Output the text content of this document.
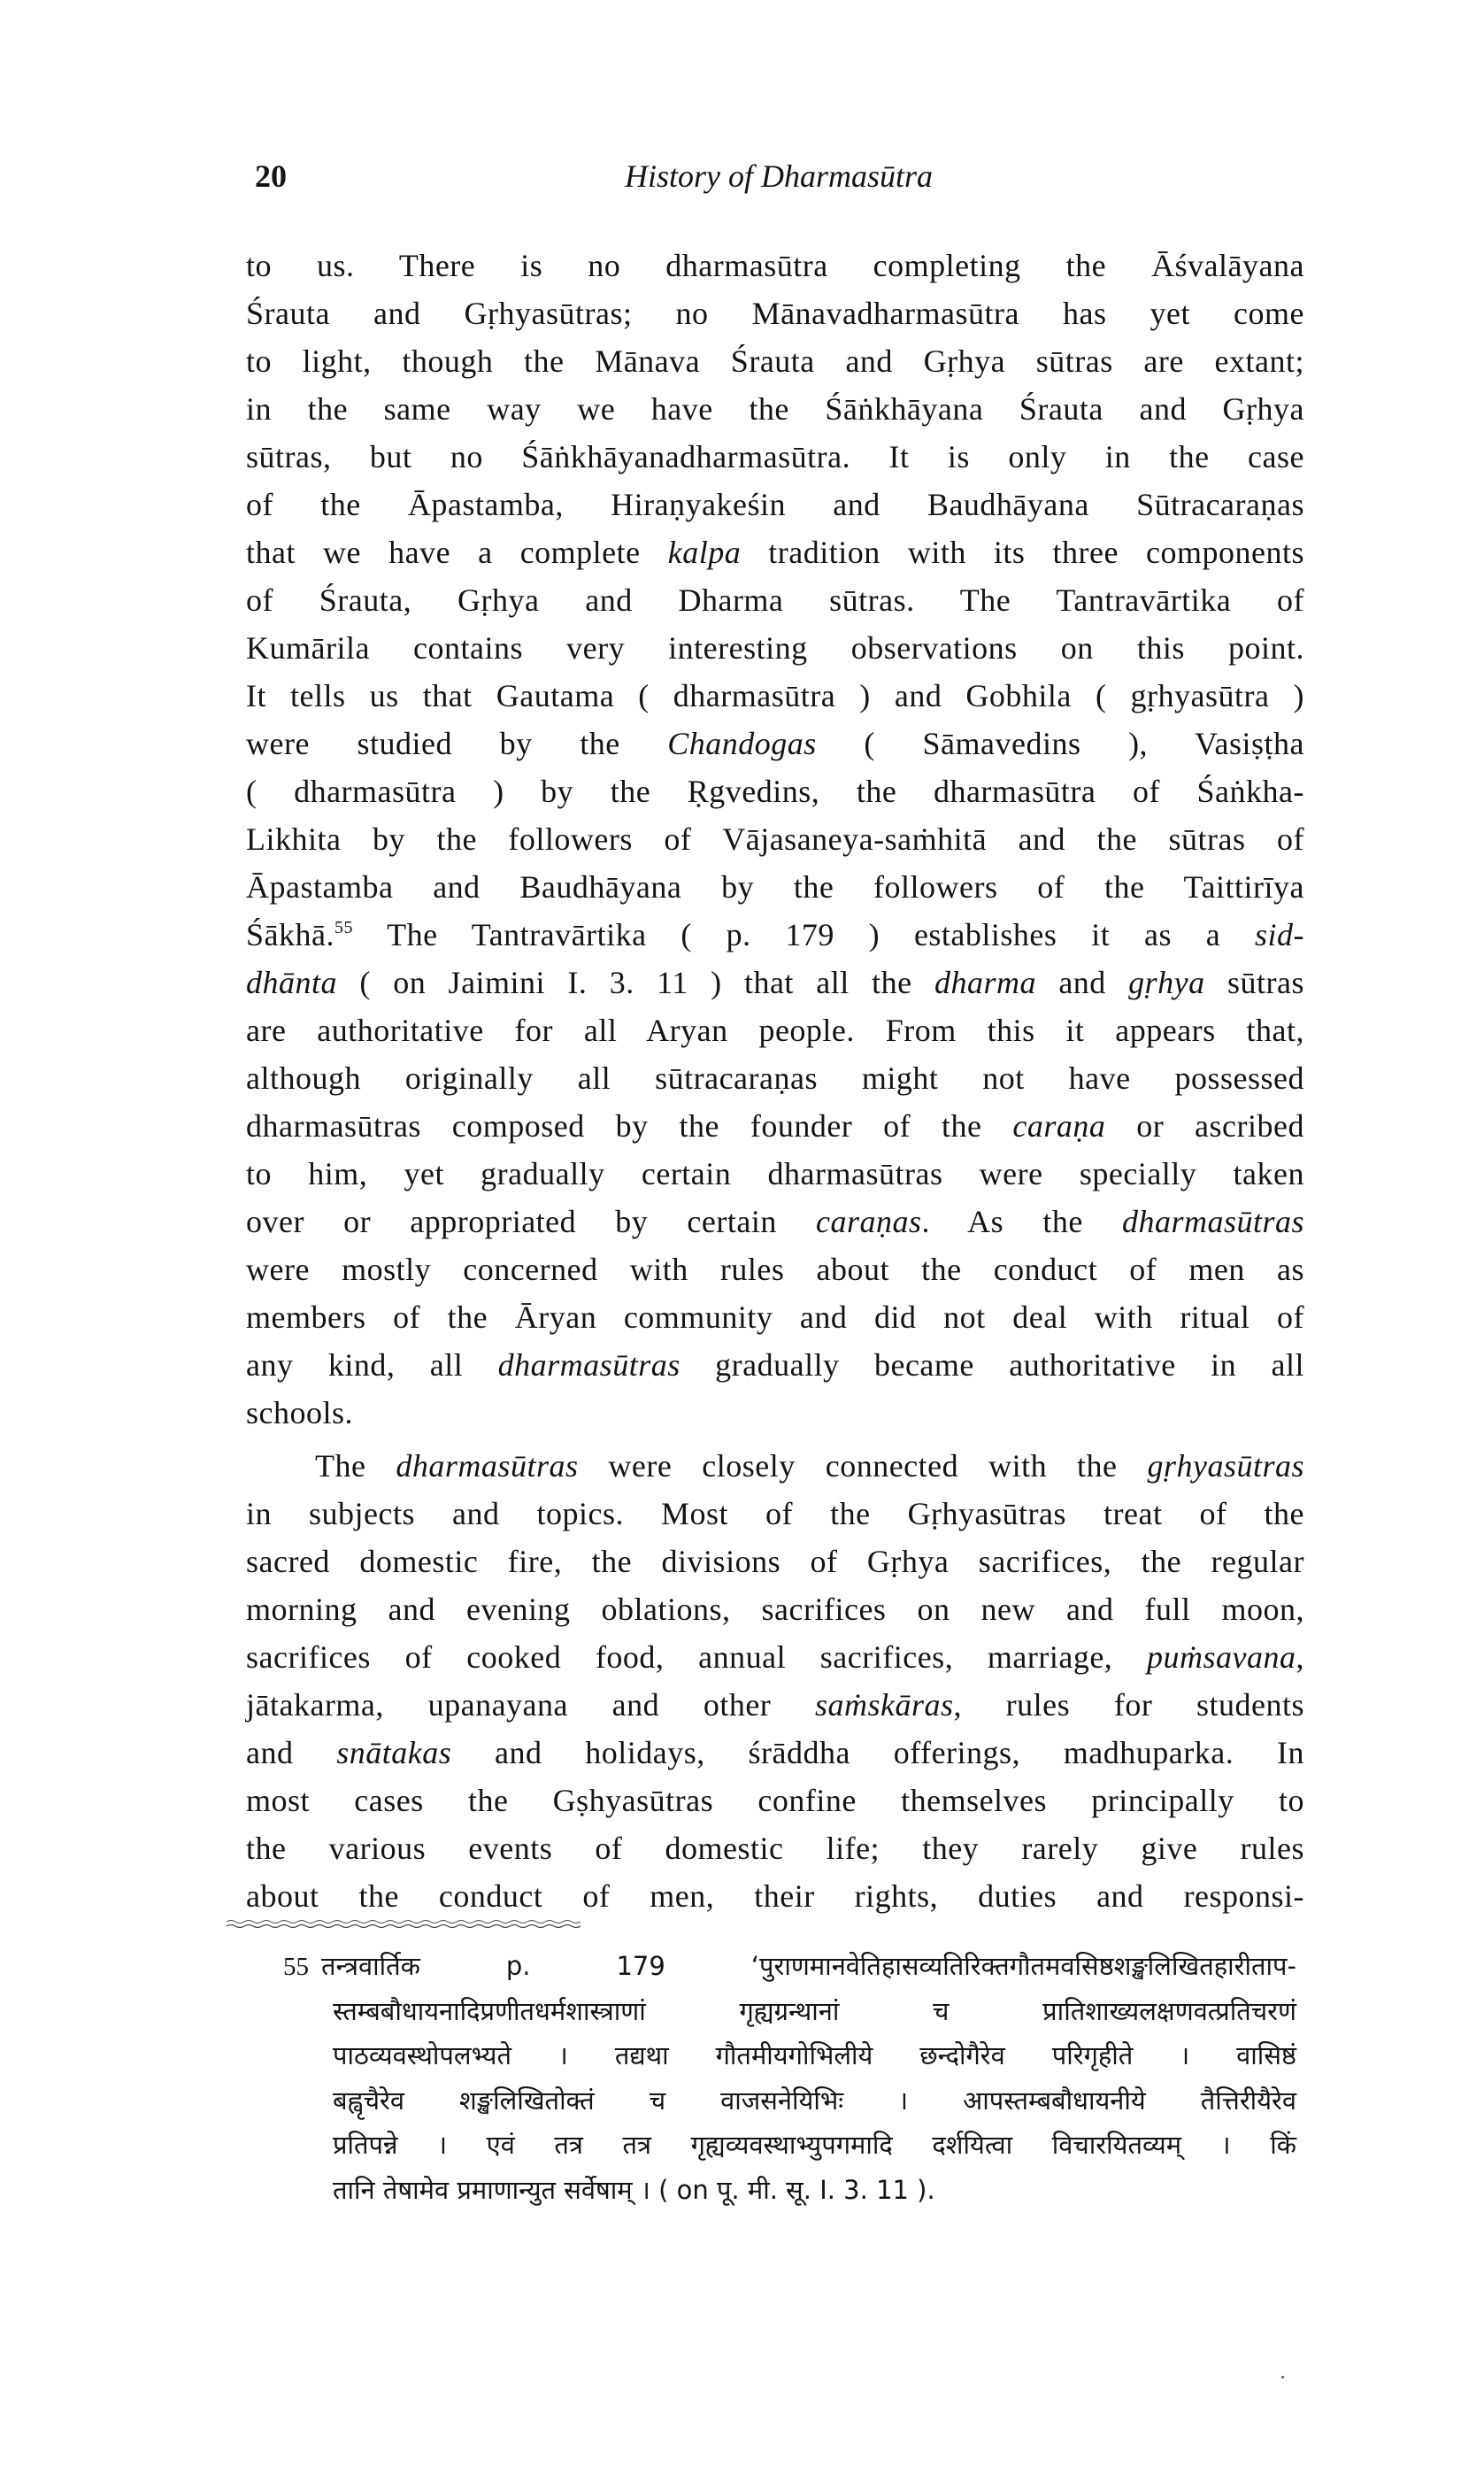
20	History of Dharmasūtra
to us. There is no dharmasūtra completing the Āśvalāyana
Śrauta and Gṛhyasūtras; no Mānavadharmasūtra has yet come
to light, though the Mānava Śrauta and Gṛhya sūtras are extant;
in the same way we have the Śāṅkhāyana Śrauta and Gṛhya
sūtras, but no Śāṅkhāyanadharmasūtra. It is only in the case
of the Āpastamba, Hiraṇyakeśin and Baudhāyana Sūtracaraṇas
that we have a complete kalpa tradition with its three components
of Śrauta, Gṛhya and Dharma sūtras. The Tantravārtika of
Kumārila contains very interesting observations on this point.
It tells us that Gautama ( dharmasūtra ) and Gobhila ( gṛhyasūtra )
were studied by the Chandogas ( Sāmavedins ), Vasiṣṭha
( dharmasūtra ) by the Ṛgvedins, the dharmasūtra of Śaṅkha-
Likhita by the followers of Vājasaneya-saṁhitā and the sūtras of
Āpastamba and Baudhāyana by the followers of the Taittirīya
Śākhā.$^{55}$ The Tantravārtika ( p. 179 ) establishes it as a sid-
dhānta ( on Jaimini I. 3. 11 ) that all the dharma and gṛhya sūtras
are authoritative for all Aryan people. From this it appears that,
although originally all sūtracaraṇas might not have possessed
dharmasūtras composed by the founder of the caraṇa or ascribed
to him, yet gradually certain dharmasūtras were specially taken
over or appropriated by certain caraṇas. As the dharmasūtras
were mostly concerned with rules about the conduct of men as
members of the Āryan community and did not deal with ritual of
any kind, all dharmasūtras gradually became authoritative in all
schools.
The dharmasūtras were closely connected with the gṛhyasūtras
in subjects and topics. Most of the Gṛhyasūtras treat of the
sacred domestic fire, the divisions of Gṛhya sacrifices, the regular
morning and evening oblations, sacrifices on new and full moon,
sacrifices of cooked food, annual sacrifices, marriage, puṁsavana,
jātakarma, upanayana and other saṁskāras, rules for students
and snātakas and holidays, śrāddha offerings, madhuparka. In
most cases the Gṣhyasūtras confine themselves principally to
the various events of domestic life; they rarely give rules
about the conduct of men, their rights, duties and responsi-
55 तन्त्रवार्तिक p. 179 ‘पुराणमानवेतिहासव्यतिरिक्तगौतमवसिष्ठशङ्खलिखितहारीताप-
स्तम्बबौधायनादिप्रणीतधर्मशास्त्राणां गृह्यग्रन्थानां च प्रातिशाख्यलक्षणवत्प्रतिचरणं
पाठव्यवस्थोपलभ्यते । तद्यथा गौतमीयगोभिलीये छन्दोगैरेव परिगृहीते । वासिष्ठं
बह्वृचैरेव शङ्खलिखितोक्तं च वाजसनेयिभिः । आपस्तम्बबौधायनीये तैत्तिरीयैरेव
प्रतिपन्ने । एवं तत्र तत्र गृह्यव्यवस्थाभ्युपगमादि दर्शयित्वा विचारयितव्यम् । किं
तानि तेषामेव प्रमाणान्युत सर्वेषाम् । ( on पू. मी. सू. I. 3. 11 ).
